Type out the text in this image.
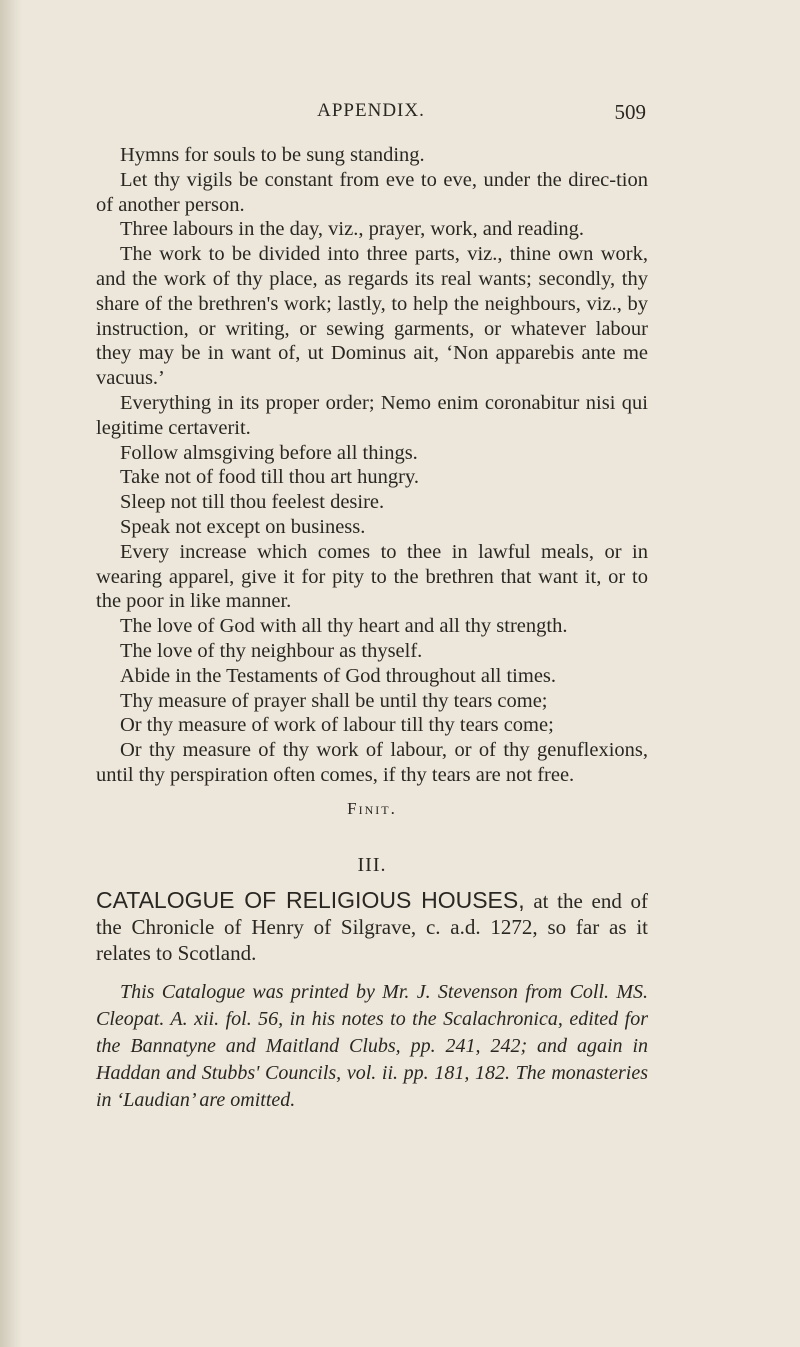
APPENDIX.	509

Hymns for souls to be sung standing.

Let thy vigils be constant from eve to eve, under the direc-tion of another person.

Three labours in the day, viz., prayer, work, and reading.

The work to be divided into three parts, viz., thine own work, and the work of thy place, as regards its real wants; secondly, thy share of the brethren's work; lastly, to help the neighbours, viz., by instruction, or writing, or sewing garments, or whatever labour they may be in want of, ut Dominus ait, ‘Non apparebis ante me vacuus.’

Everything in its proper order; Nemo enim coronabitur nisi qui legitime certaverit.

Follow almsgiving before all things.

Take not of food till thou art hungry.

Sleep not till thou feelest desire.

Speak not except on business.

Every increase which comes to thee in lawful meals, or in wearing apparel, give it for pity to the brethren that want it, or to the poor in like manner.

The love of God with all thy heart and all thy strength.

The love of thy neighbour as thyself.

Abide in the Testaments of God throughout all times.

Thy measure of prayer shall be until thy tears come;

Or thy measure of work of labour till thy tears come;

Or thy measure of thy work of labour, or of thy genuflexions, until thy perspiration often comes, if thy tears are not free.

Finit.
III.

CATALOGUE OF RELIGIOUS HOUSES, at the end of the Chronicle of Henry of Silgrave, c. a.d. 1272, so far as it relates to Scotland.

This Catalogue was printed by Mr. J. Stevenson from Coll. MS. Cleopat. A. xii. fol. 56, in his notes to the Scalachronica, edited for the Bannatyne and Maitland Clubs, pp. 241, 242; and again in Haddan and Stubbs' Councils, vol. ii. pp. 181, 182. The monasteries in ‘Laudian’ are omitted.
